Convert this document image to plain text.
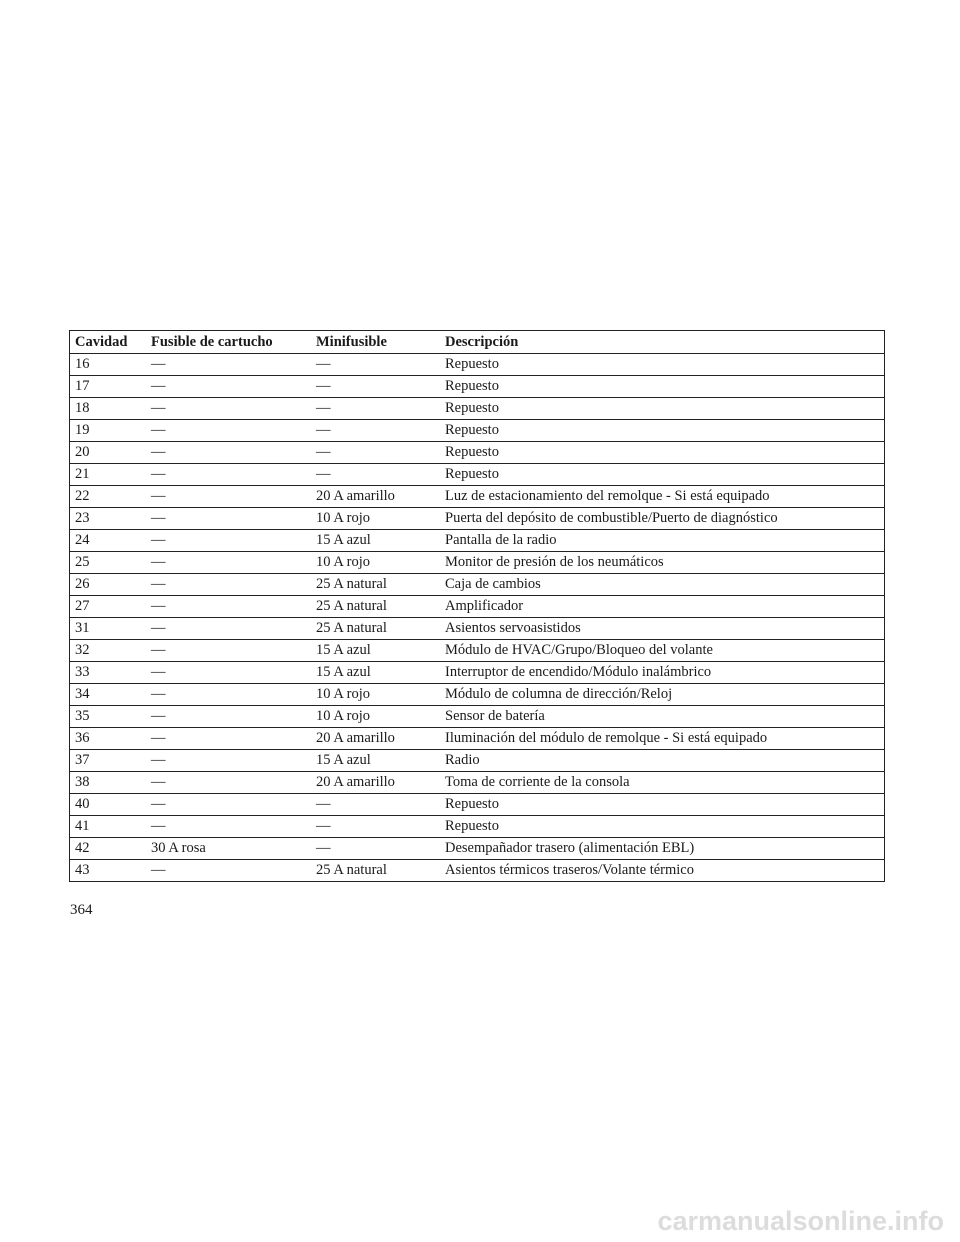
Cavidad	Fusible de cartucho	Minifusible	Descripción
16	—	—	Repuesto
17	—	—	Repuesto
18	—	—	Repuesto
19	—	—	Repuesto
20	—	—	Repuesto
21	—	—	Repuesto
22	—	20 A amarillo	Luz de estacionamiento del remolque - Si está equipado
23	—	10 A rojo	Puerta del depósito de combustible/Puerto de diagnóstico
24	—	15 A azul	Pantalla de la radio
25	—	10 A rojo	Monitor de presión de los neumáticos
26	—	25 A natural	Caja de cambios
27	—	25 A natural	Amplificador
31	—	25 A natural	Asientos servoasistidos
32	—	15 A azul	Módulo de HVAC/Grupo/Bloqueo del volante
33	—	15 A azul	Interruptor de encendido/Módulo inalámbrico
34	—	10 A rojo	Módulo de columna de dirección/Reloj
35	—	10 A rojo	Sensor de batería
36	—	20 A amarillo	Iluminación del módulo de remolque - Si está equipado
37	—	15 A azul	Radio
38	—	20 A amarillo	Toma de corriente de la consola
40	—	—	Repuesto
41	—	—	Repuesto
42	30 A rosa	—	Desempañador trasero (alimentación EBL)
43	—	25 A natural	Asientos térmicos traseros/Volante térmico
364
carmanualsonline.info
